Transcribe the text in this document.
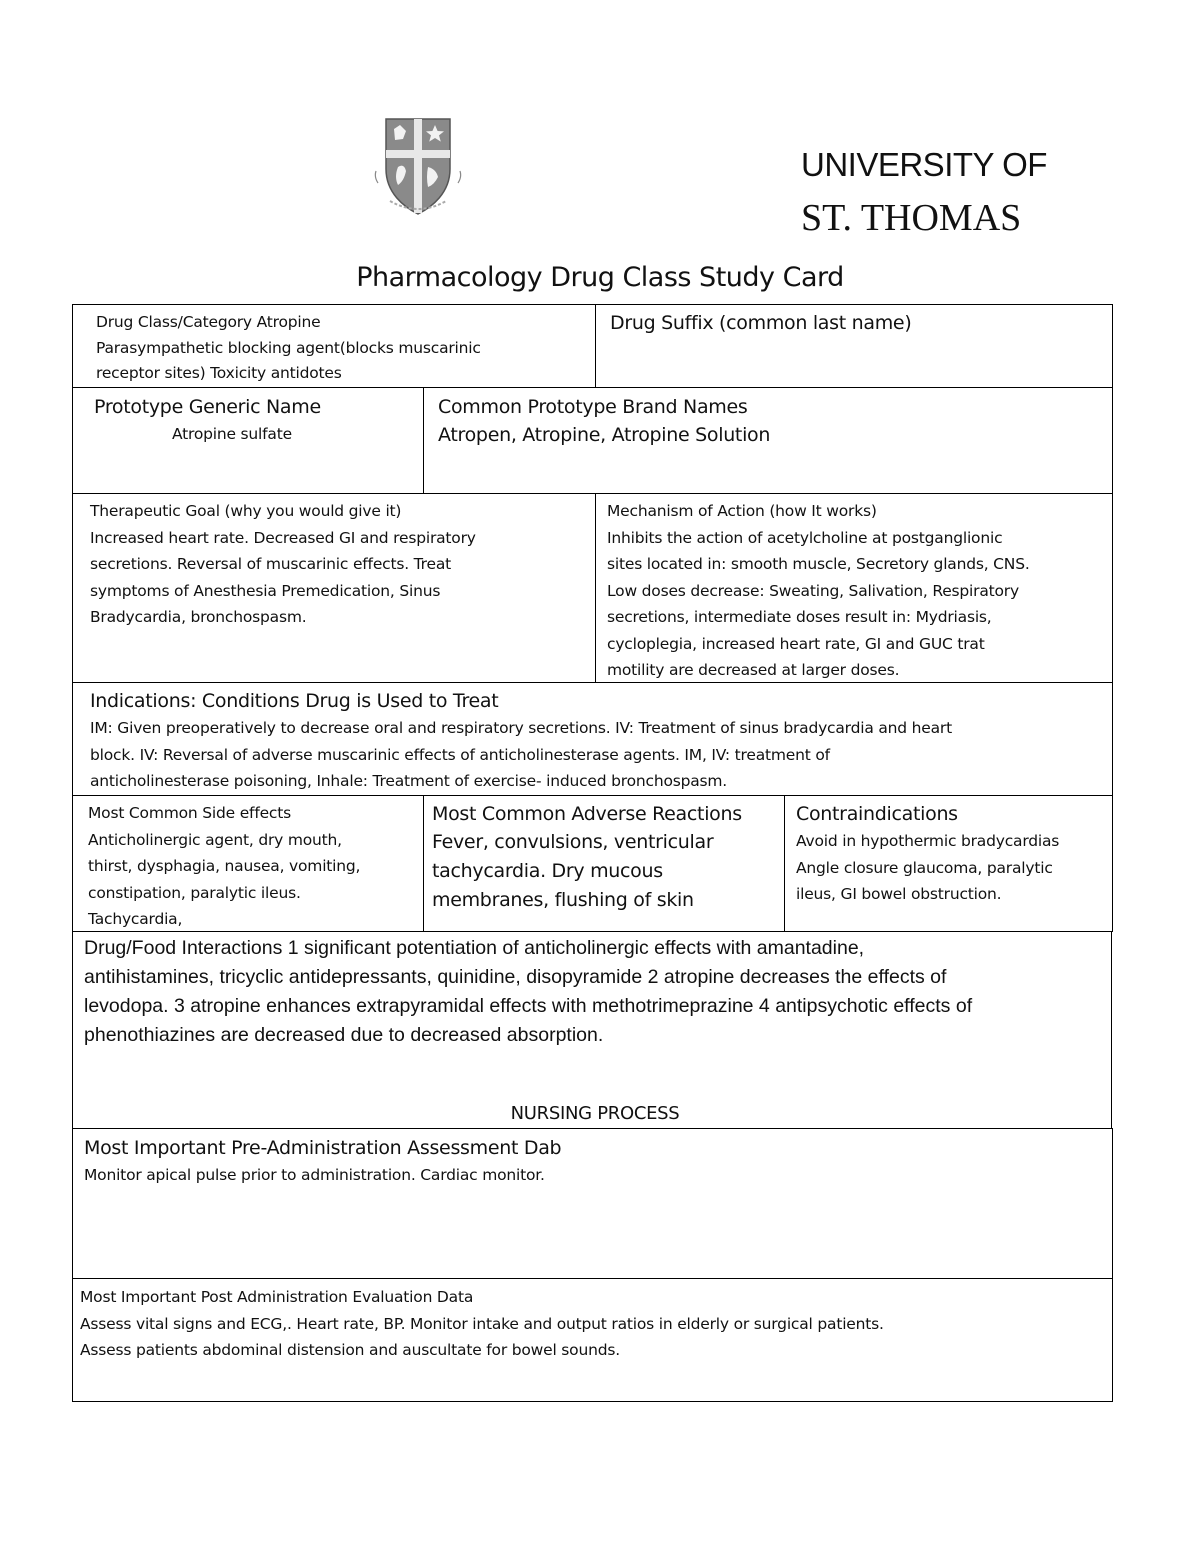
UNIVERSITY OF
ST. THOMAS
Pharmacology Drug Class Study Card

Drug Class/Category Atropine

Parasympathetic blocking agent(blocks muscarinic

receptor sites) Toxicity antidotes

Drug Suffix (common last name)

Prototype Generic Name

Atropine sulfate

Common Prototype Brand Names

Atropen, Atropine, Atropine Solution

Therapeutic Goal (why you would give it)

Increased heart rate. Decreased GI and respiratory

secretions. Reversal of muscarinic effects. Treat

symptoms of Anesthesia Premedication, Sinus

Bradycardia, bronchospasm.

Mechanism of Action (how It works)

Inhibits the action of acetylcholine at postganglionic

sites located in: smooth muscle, Secretory glands, CNS.

Low doses decrease: Sweating, Salivation, Respiratory

secretions, intermediate doses result in: Mydriasis,

cycloplegia, increased heart rate, GI and GUC trat

motility are decreased at larger doses.

Indications: Conditions Drug is Used to Treat

IM: Given preoperatively to decrease oral and respiratory secretions. IV: Treatment of sinus bradycardia and heart

block. IV: Reversal of adverse muscarinic effects of anticholinesterase agents. IM, IV: treatment of

anticholinesterase poisoning, Inhale: Treatment of exercise- induced bronchospasm.

Most Common Side effects

Anticholinergic agent, dry mouth,

thirst, dysphagia, nausea, vomiting,

constipation, paralytic ileus.

Tachycardia,

Most Common Adverse Reactions

Fever, convulsions, ventricular

tachycardia. Dry mucous

membranes, flushing of skin

Contraindications

Avoid in hypothermic bradycardias

Angle closure glaucoma, paralytic

ileus, GI bowel obstruction.

Drug/Food Interactions 1 significant potentiation of anticholinergic effects with amantadine,

antihistamines, tricyclic antidepressants, quinidine, disopyramide 2 atropine decreases the effects of

levodopa. 3 atropine enhances extrapyramidal effects with methotrimeprazine 4 antipsychotic effects of

phenothiazines are decreased due to decreased absorption.

NURSING PROCESS

Most Important Pre-Administration Assessment Dab

Monitor apical pulse prior to administration. Cardiac monitor.

Most Important Post Administration Evaluation Data

Assess vital signs and ECG,. Heart rate, BP. Monitor intake and output ratios in elderly or surgical patients.

Assess patients abdominal distension and auscultate for bowel sounds.
